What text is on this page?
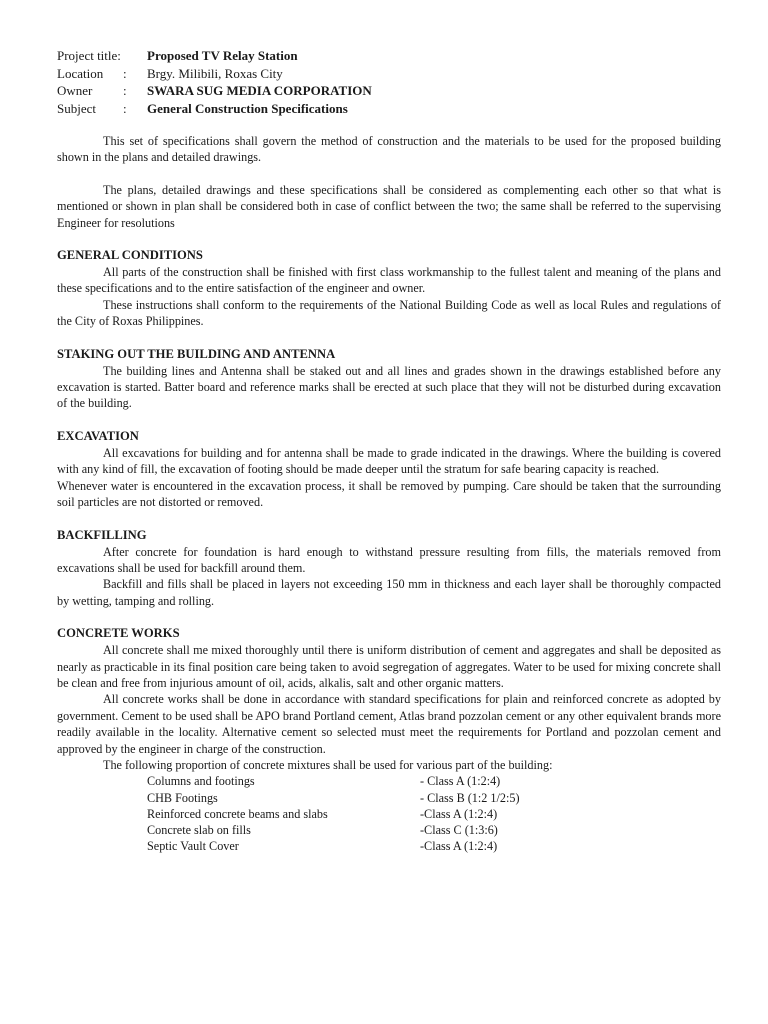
Project title: Proposed TV Relay Station
Location	:	Brgy. Milibili, Roxas City
Owner	:	SWARA SUG MEDIA CORPORATION
Subject	:	General Construction Specifications

This set of specifications shall govern the method of construction and the materials to be used for the proposed building shown in the plans and detailed drawings.

The plans, detailed drawings and these specifications shall be considered as complementing each other so that what is mentioned or shown in plan shall be considered both in case of conflict between the two; the same shall be referred to the supervising Engineer for resolutions

GENERAL CONDITIONS

All parts of the construction shall be finished with first class workmanship to the fullest talent and meaning of the plans and these specifications and to the entire satisfaction of the engineer and owner.

These instructions shall conform to the requirements of the National Building Code as well as local Rules and regulations of the City of Roxas Philippines.

STAKING OUT THE BUILDING AND ANTENNA

The building lines and Antenna shall be staked out and all lines and grades shown in the drawings established before any excavation is started. Batter board and reference marks shall be erected at such place that they will not be disturbed during excavation of the building.

EXCAVATION

All excavations for building and for antenna shall be made to grade indicated in the drawings. Where the building is covered with any kind of fill, the excavation of footing should be made deeper until the stratum for safe bearing capacity is reached.

Whenever water is encountered in the excavation process, it shall be removed by pumping. Care should be taken that the surrounding soil particles are not distorted or removed.

BACKFILLING

After concrete for foundation is hard enough to withstand pressure resulting from fills, the materials removed from excavations shall be used for backfill around them.

Backfill and fills shall be placed in layers not exceeding 150 mm in thickness and each layer shall be thoroughly compacted by wetting, tamping and rolling.

CONCRETE WORKS

All concrete shall me mixed thoroughly until there is uniform distribution of cement and aggregates and shall be deposited as nearly as practicable in its final position care being taken to avoid segregation of aggregates. Water to be used for mixing concrete shall be clean and free from injurious amount of oil, acids, alkalis, salt and other organic matters.

All concrete works shall be done in accordance with standard specifications for plain and reinforced concrete as adopted by government. Cement to be used shall be APO brand Portland cement, Atlas brand pozzolan cement or any other equivalent brands more readily available in the locality. Alternative cement so selected must meet the requirements for Portland and pozzolan cement and approved by the engineer in charge of the construction.

The following proportion of concrete mixtures shall be used for various part of the building:

Columns and footings	- Class A (1:2:4)
CHB Footings	- Class B (1:2 1/2:5)
Reinforced concrete beams and slabs	-Class A (1:2:4)
Concrete slab on fills	-Class C (1:3:6)
Septic Vault Cover	-Class A (1:2:4)
